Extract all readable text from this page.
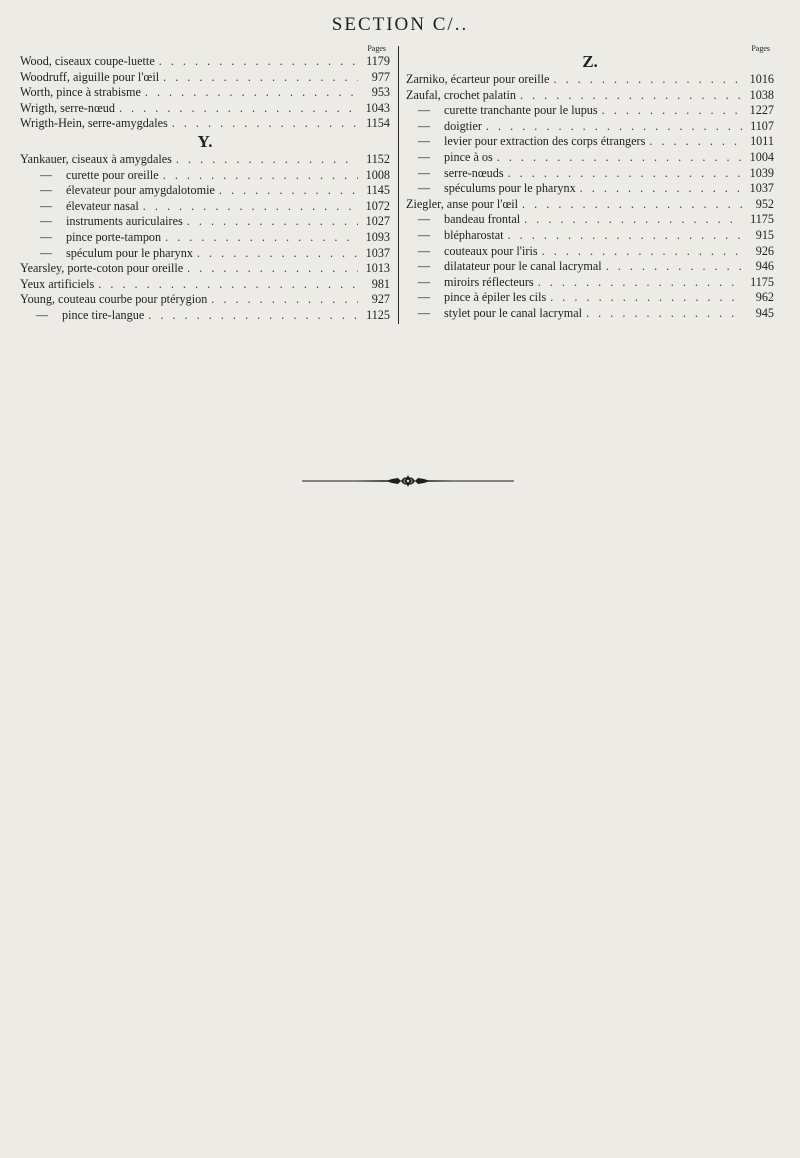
SECTION C/..
Pages
Wood, ciseaux coupe-luette . . .	1179
Woodruff, aiguille pour l'œil . . .	977
Worth, pince à strabisme . . .	953
Wrigth, serre-nœud . . .	1043
Wrigth-Hein, serre-amygdales . . .	1154
Y.
Yankauer, ciseaux à amygdales . . .	1152
—	curette pour oreille . . .	1008
—	élevateur pour amygdalotomie . . .	1145
—	élevateur nasal . . .	1072
—	instruments auriculaires . . .	1027
—	pince porte-tampon . . .	1093
—	spéculum pour le pharynx . . .	1037
Yearsley, porte-coton pour oreille . . .	1013
Yeux artificiels . . .	981
Young, couteau courbe pour ptérygion . . .	927
—	pince tire-langue . . .	1125
Pages
Z.
Zarniko, écarteur pour oreille . . .	1016
Zaufal, crochet palatin . . .	1038
—	curette tranchante pour le lupus . . .	1227
—	doigtier . . .	1107
—	levier pour extraction des corps étrangers . . .	1011
—	pince à os . . .	1004
—	serre-nœuds . . .	1039
—	spéculums pour le pharynx . . .	1037
Ziegler, anse pour l'œil . . .	952
—	bandeau frontal . . .	1175
—	blépharostat . . .	915
—	couteaux pour l'iris . . .	926
—	dilatateur pour le canal lacrymal . . .	946
—	miroirs réflecteurs . . .	1175
—	pince à épiler les cils . . .	962
—	stylet pour le canal lacrymal . . .	945
